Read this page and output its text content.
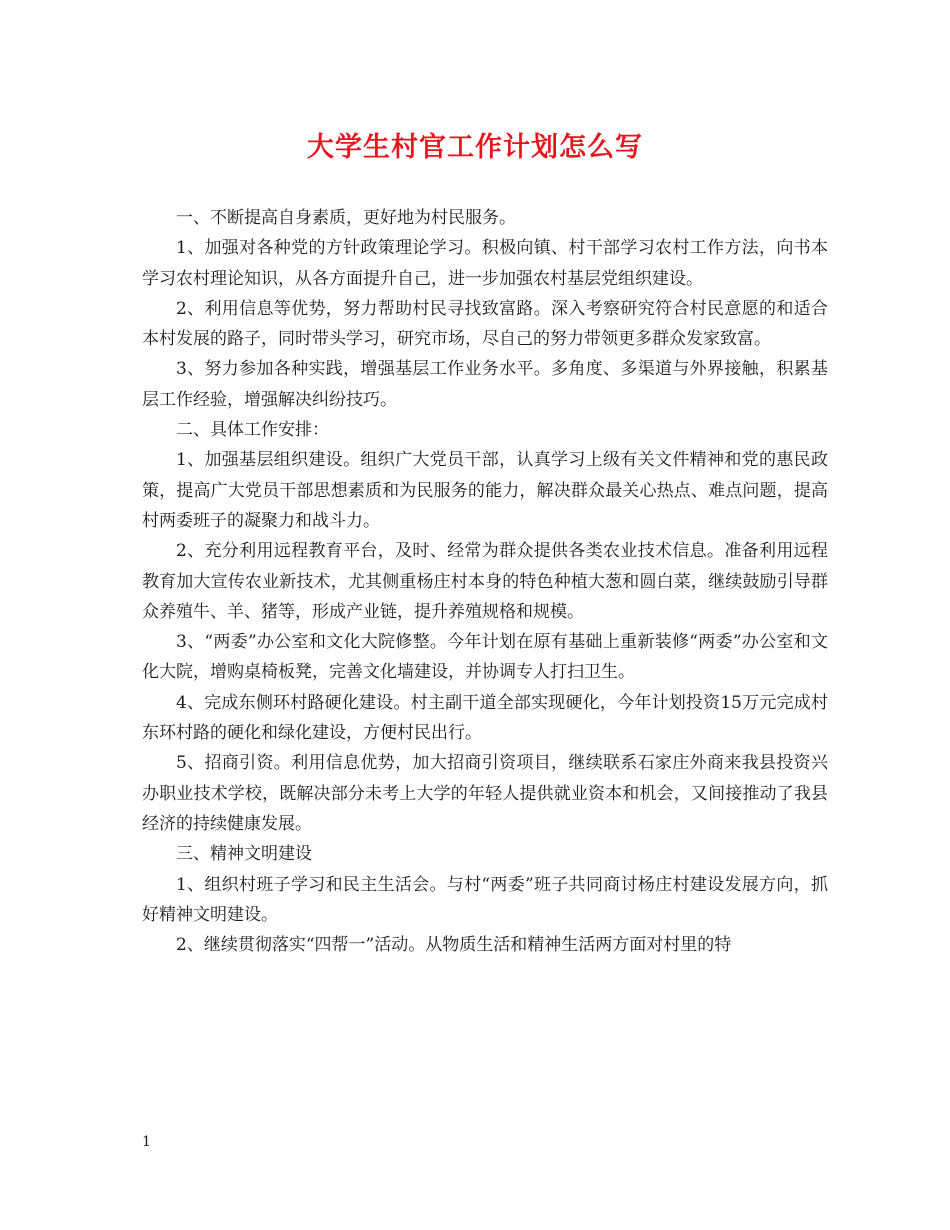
大学生村官工作计划怎么写

一、不断提高自身素质，更好地为村民服务。

1、加强对各种党的方针政策理论学习。积极向镇、村干部学习农村工作方法，向书本学习农村理论知识，从各方面提升自己，进一步加强农村基层党组织建设。

2、利用信息等优势，努力帮助村民寻找致富路。深入考察研究符合村民意愿的和适合本村发展的路子，同时带头学习，研究市场，尽自己的努力带领更多群众发家致富。

3、努力参加各种实践，增强基层工作业务水平。多角度、多渠道与外界接触，积累基层工作经验，增强解决纠纷技巧。

二、具体工作安排：

1、加强基层组织建设。组织广大党员干部，认真学习上级有关文件精神和党的惠民政策，提高广大党员干部思想素质和为民服务的能力，解决群众最关心热点、难点问题，提高村两委班子的凝聚力和战斗力。

2、充分利用远程教育平台，及时、经常为群众提供各类农业技术信息。准备利用远程教育加大宣传农业新技术，尤其侧重杨庄村本身的特色种植大葱和圆白菜，继续鼓励引导群众养殖牛、羊、猪等，形成产业链，提升养殖规格和规模。

3、“两委”办公室和文化大院修整。今年计划在原有基础上重新装修“两委”办公室和文化大院，增购桌椅板凳，完善文化墙建设，并协调专人打扫卫生。

4、完成东侧环村路硬化建设。村主副干道全部实现硬化，今年计划投资15万元完成村东环村路的硬化和绿化建设，方便村民出行。

5、招商引资。利用信息优势，加大招商引资项目，继续联系石家庄外商来我县投资兴办职业技术学校，既解决部分未考上大学的年轻人提供就业资本和机会，又间接推动了我县经济的持续健康发展。

三、精神文明建设

1、组织村班子学习和民主生活会。与村“两委”班子共同商讨杨庄村建设发展方向，抓好精神文明建设。

2、继续贯彻落实“四帮一”活动。从物质生活和精神生活两方面对村里的特

1
